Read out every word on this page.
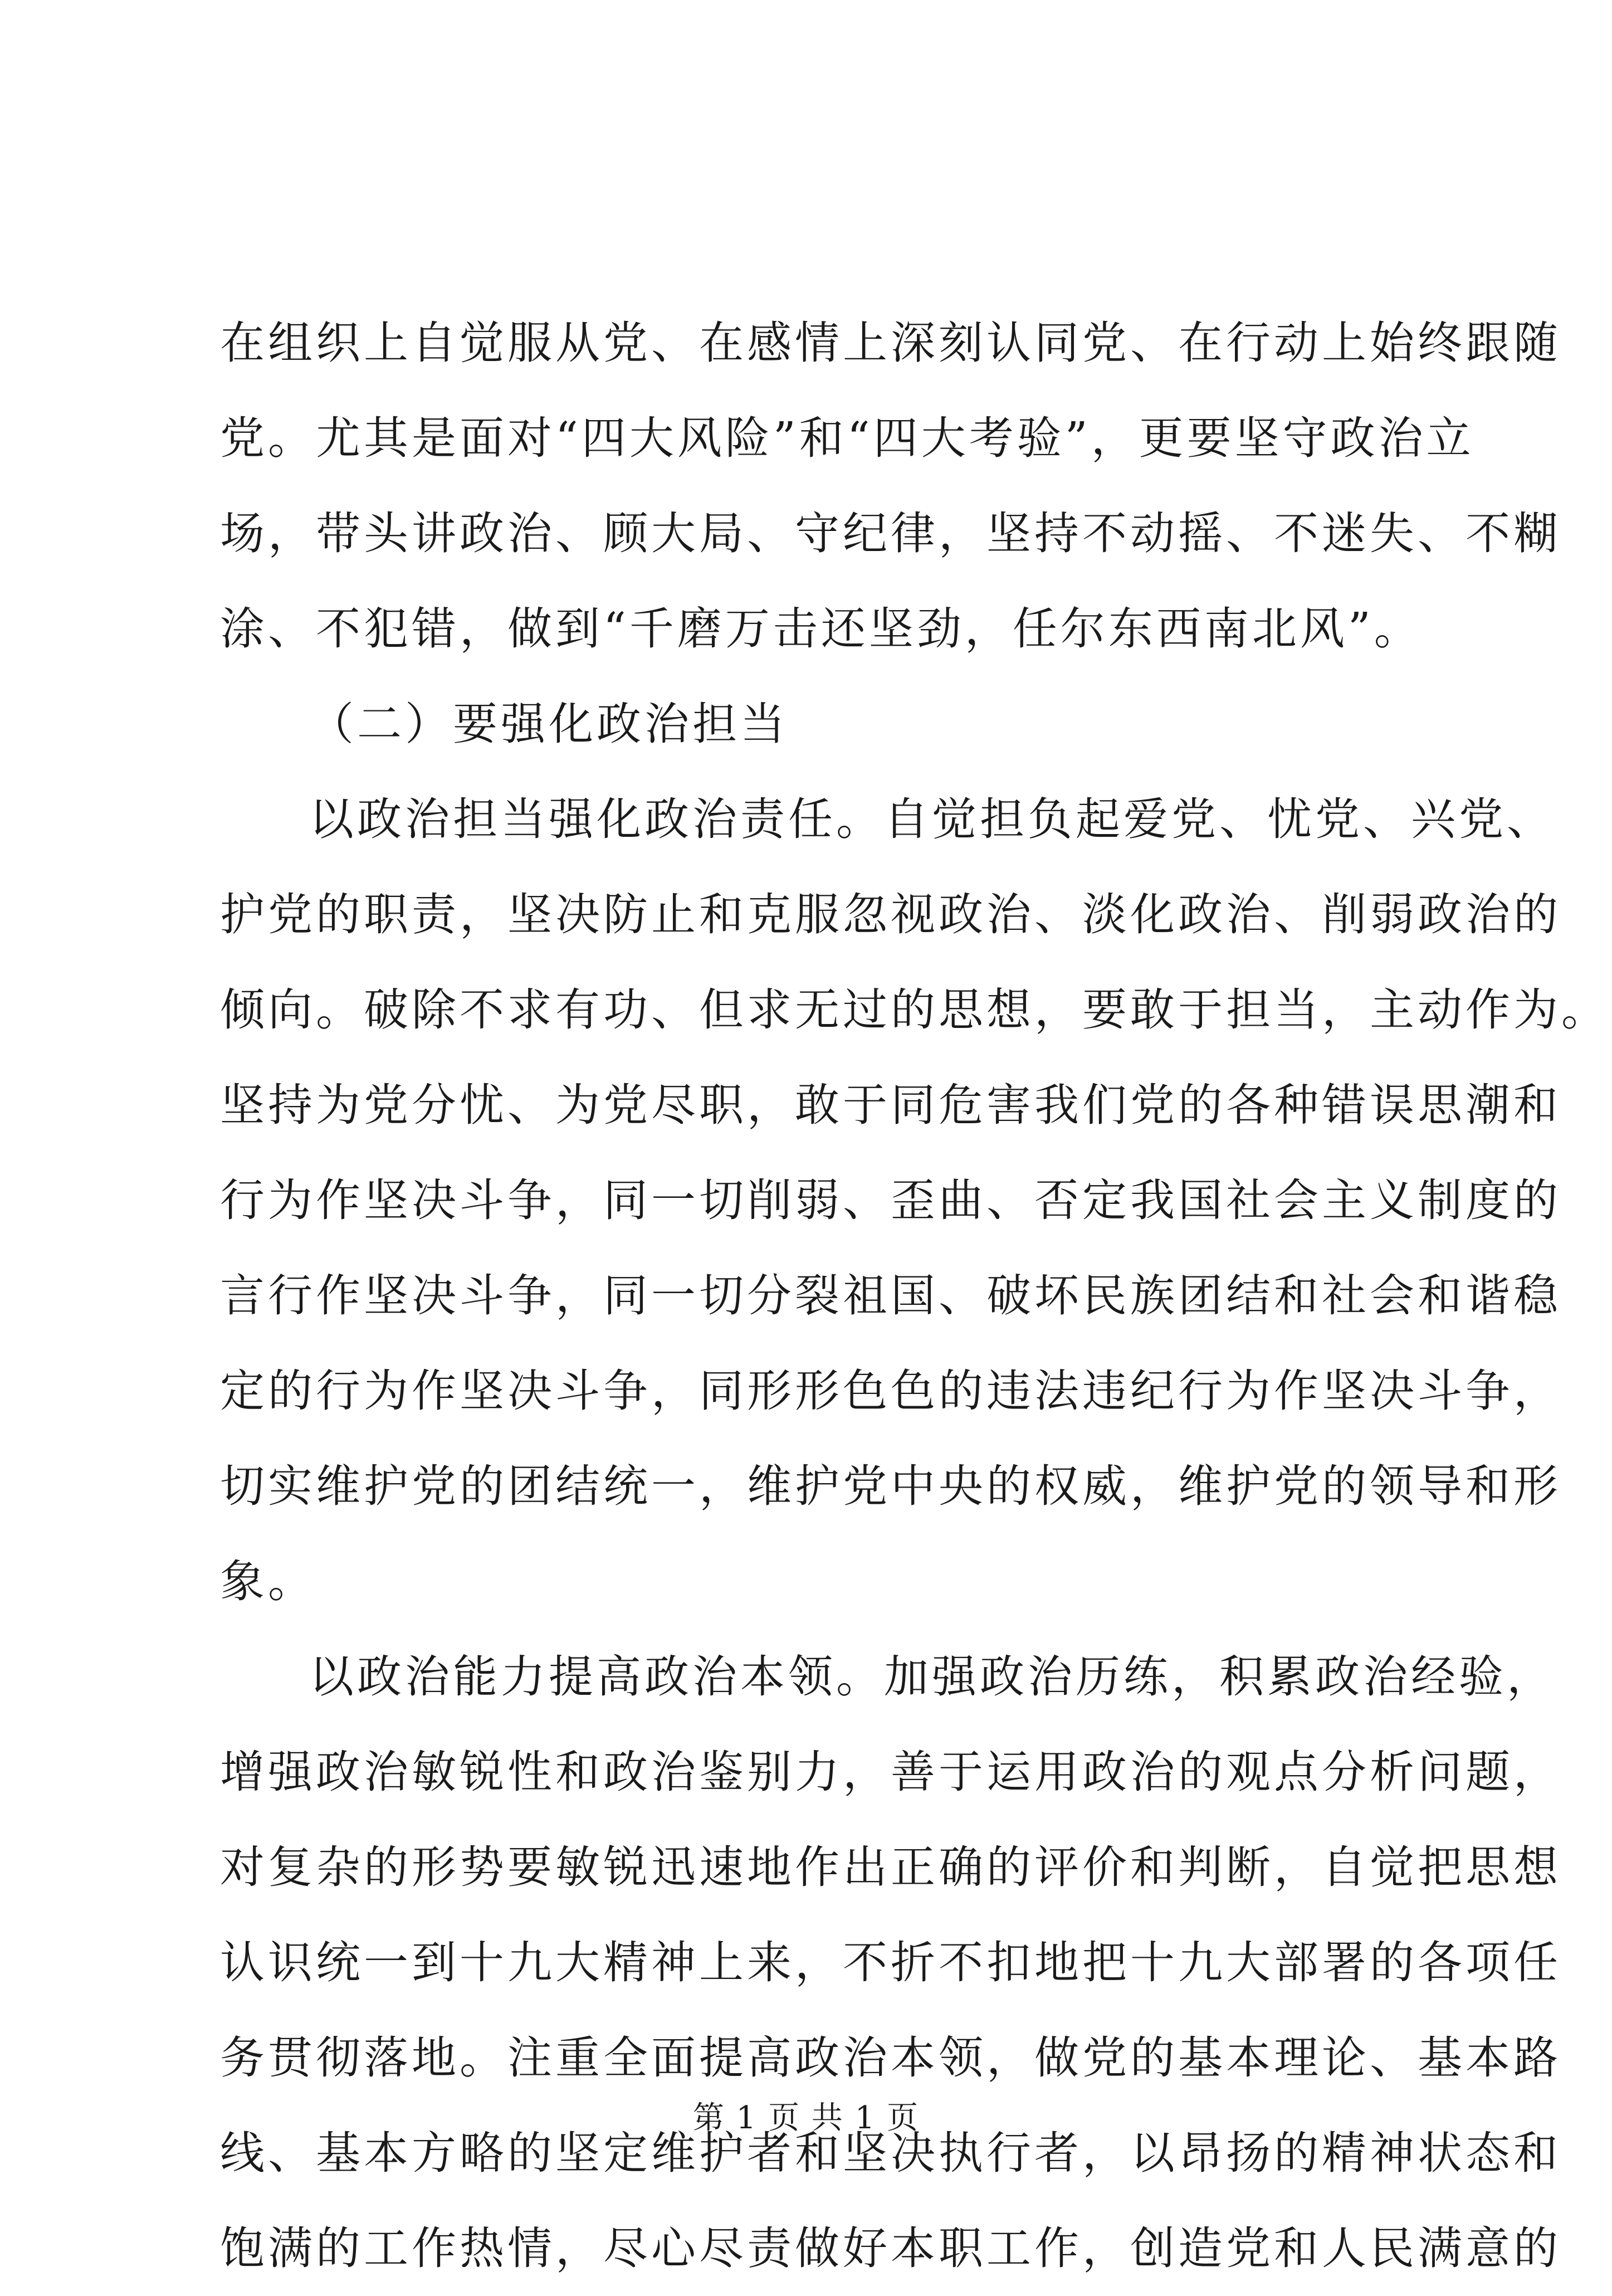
在组织上自觉服从党、在感情上深刻认同党、在行动上始终跟随
党。尤其是面对“四大风险”和“四大考验”，更要坚守政治立
场，带头讲政治、顾大局、守纪律，坚持不动摇、不迷失、不糊
涂、不犯错，做到“千磨万击还坚劲，任尔东西南北风”。
（二）要强化政治担当
以政治担当强化政治责任。自觉担负起爱党、忧党、兴党、
护党的职责，坚决防止和克服忽视政治、淡化政治、削弱政治的
倾向。破除不求有功、但求无过的思想，要敢于担当，主动作为。
坚持为党分忧、为党尽职，敢于同危害我们党的各种错误思潮和
行为作坚决斗争，同一切削弱、歪曲、否定我国社会主义制度的
言行作坚决斗争，同一切分裂祖国、破坏民族团结和社会和谐稳
定的行为作坚决斗争，同形形色色的违法违纪行为作坚决斗争，
切实维护党的团结统一，维护党中央的权威，维护党的领导和形
象。
以政治能力提高政治本领。加强政治历练，积累政治经验，
增强政治敏锐性和政治鉴别力，善于运用政治的观点分析问题，
对复杂的形势要敏锐迅速地作出正确的评价和判断，自觉把思想
认识统一到十九大精神上来，不折不扣地把十九大部署的各项任
务贯彻落地。注重全面提高政治本领，做党的基本理论、基本路
线、基本方略的坚定维护者和坚决执行者，以昂扬的精神状态和
饱满的工作热情，尽心尽责做好本职工作，创造党和人民满意的
第 1 页 共 1 页
